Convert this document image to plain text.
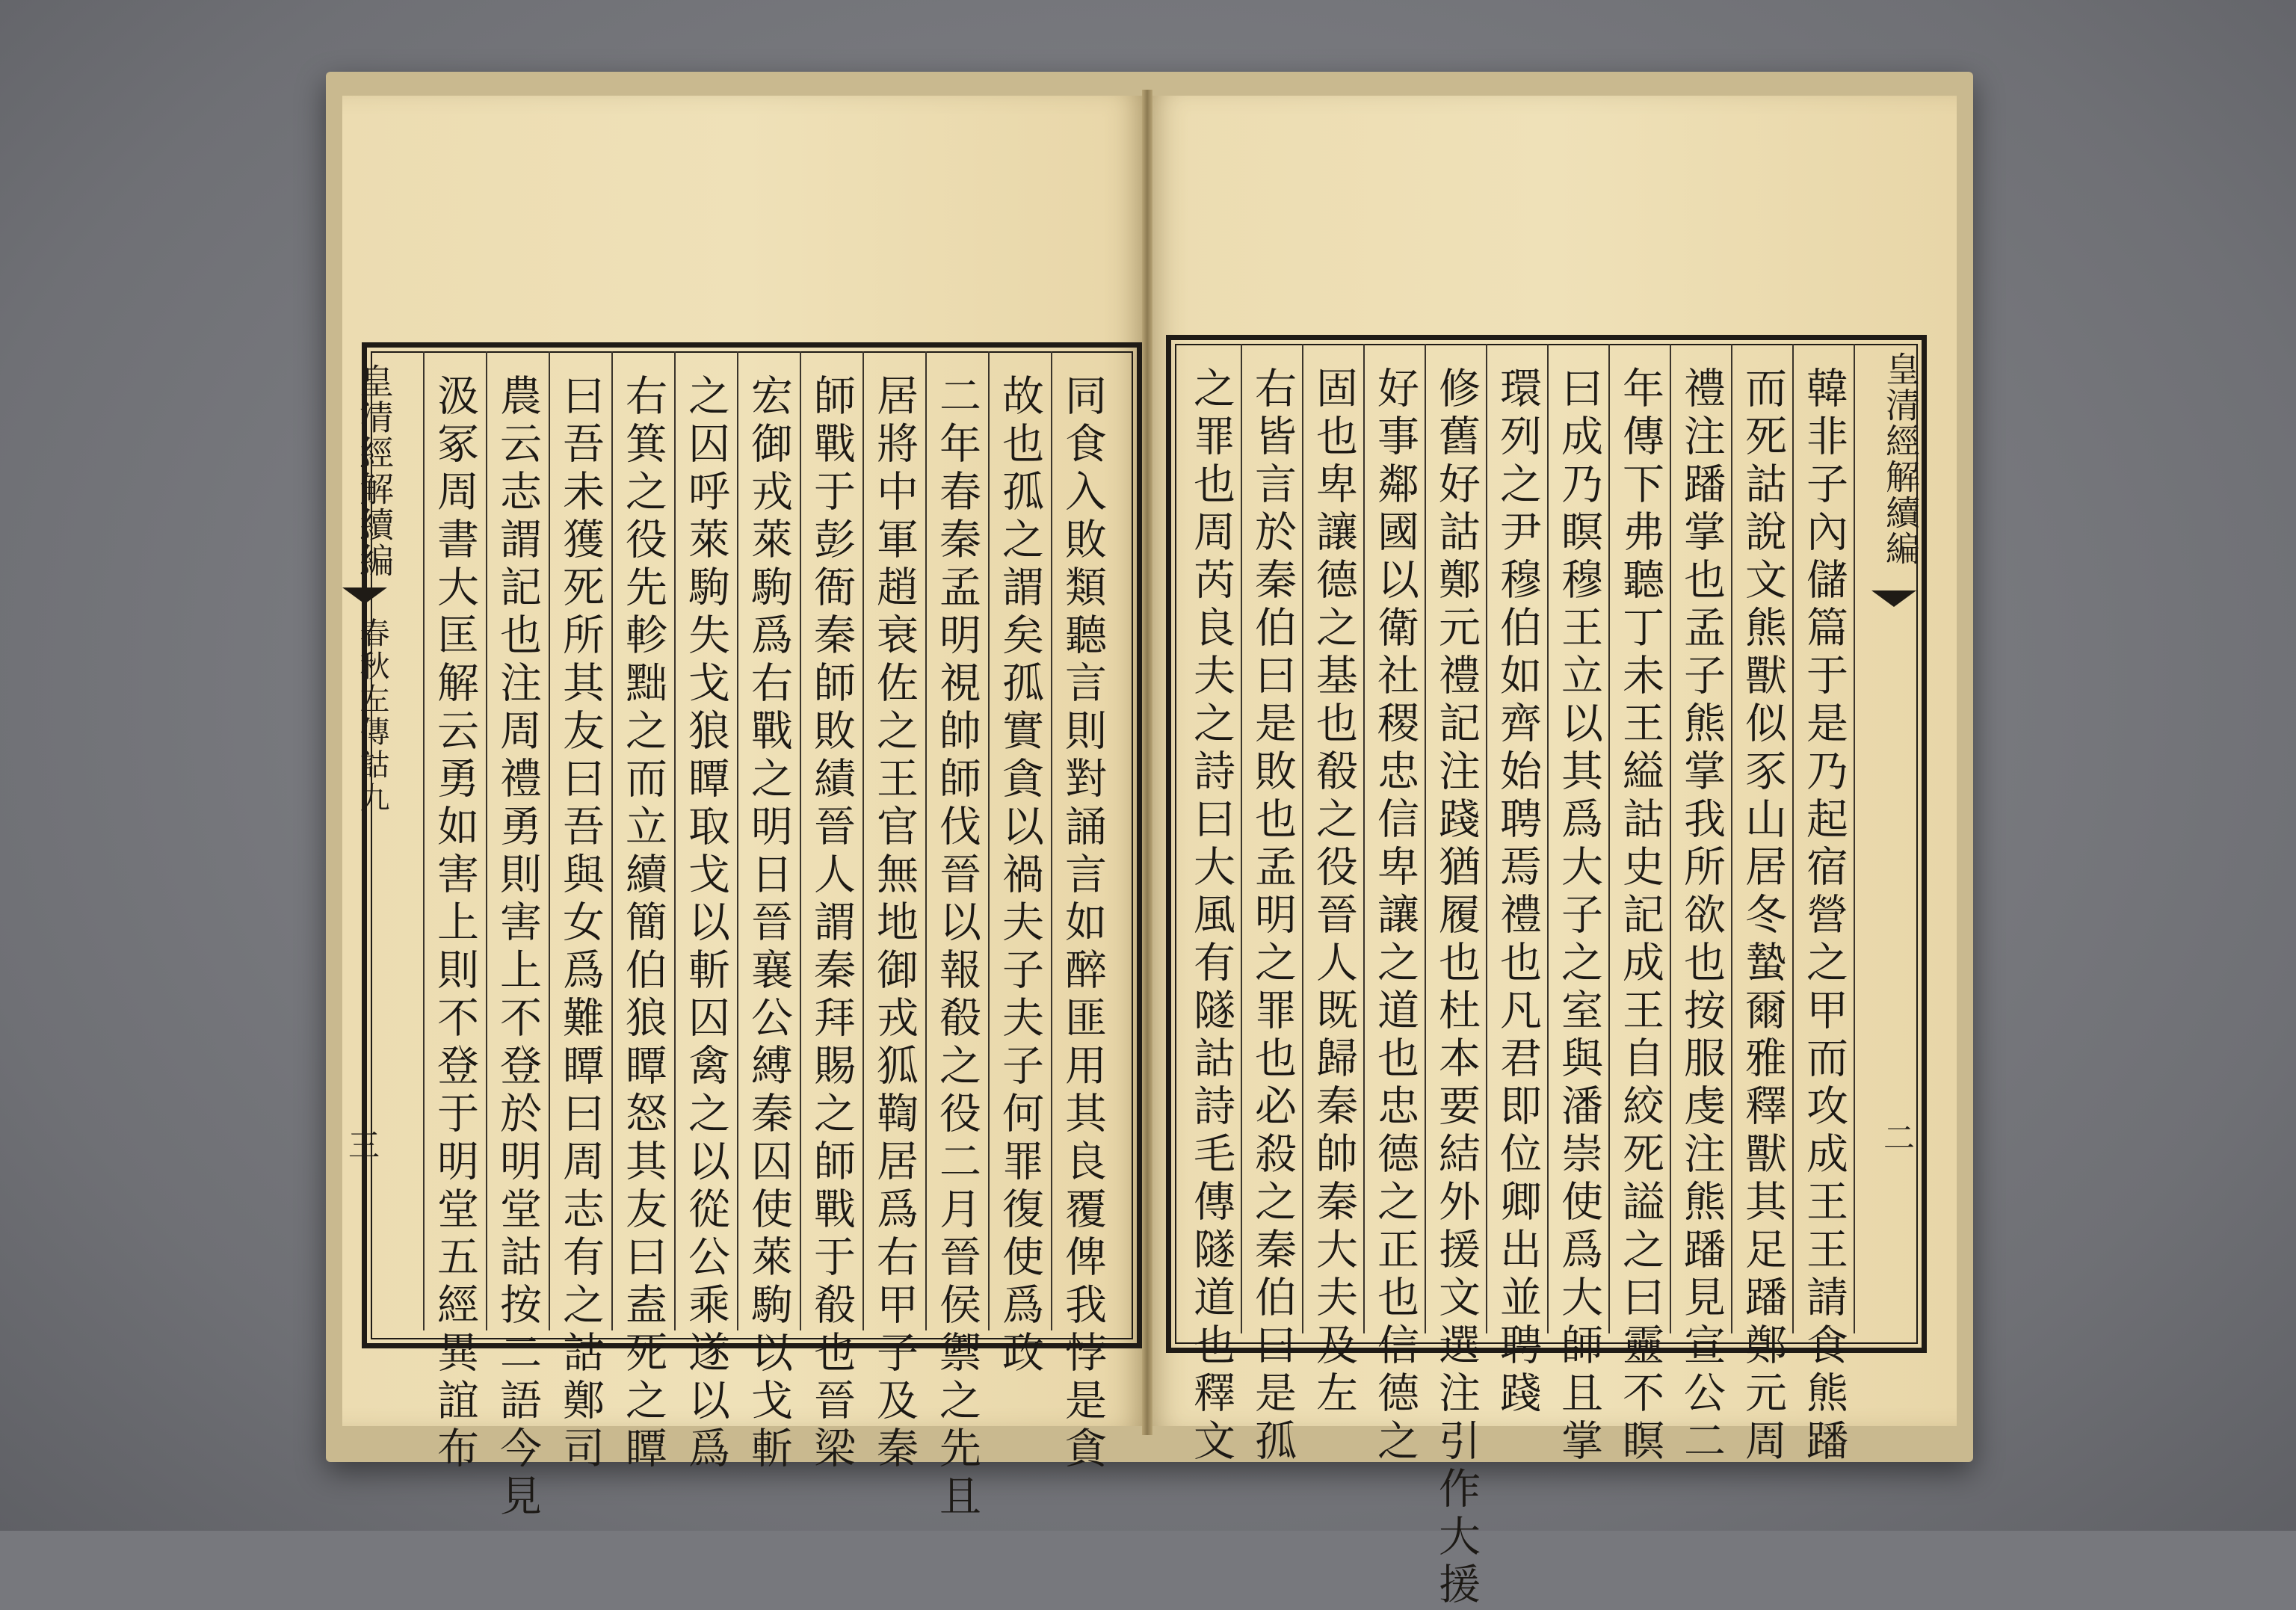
皇清經解續編
春秋左傳詁九
三	同食入敗類聽言則對誦言如醉匪用其良覆俾我悖是貪
故也孤之謂矣孤實貪以禍夫子夫子何罪復使爲政
二年春秦孟明視帥師伐晉以報殽之役二月晉侯禦之先且
居將中軍趙衰佐之王官無地御戎狐鞫居爲右甲子及秦
師戰于彭衙秦師敗績晉人謂秦拜賜之師戰于殽也晉梁
宏御戎萊駒爲右戰之明日晉襄公縛秦囚使萊駒以戈斬
之囚呼萊駒失戈狼瞫取戈以斬囚禽之以從公乘遂以爲
右箕之役先軫黜之而立續簡伯狼瞫怒其友曰盍死之瞫
曰吾未獲死所其友曰吾與女爲難瞫曰周志有之詁鄭司
農云志謂記也注周禮勇則害上不登於明堂詁按二語今見
汲冢周書大匡解云勇如害上則不登于明堂五經異誼布	皇清經解續編
二
韓非子內儲篇于是乃起宿營之甲而攻成王王請食熊蹯
而死詁說文熊獸似豕山居冬蟄爾雅釋獸其足蹯鄭元周
禮注蹯掌也孟子熊掌我所欲也按服虔注熊蹯見宣公二
年傳下弗聽丁未王縊詁史記成王自絞死謚之曰靈不瞑
曰成乃瞑穆王立以其爲大子之室與潘崇使爲大師且掌
環列之尹穆伯如齊始聘焉禮也凡君即位卿出並聘踐
修舊好詁鄭元禮記注踐猶履也杜本要結外援文選注引作大援
好事鄰國以衛社稷忠信卑讓之道也忠德之正也信德之
固也卑讓德之基也殽之役晉人既歸秦帥秦大夫及左
右皆言於秦伯曰是敗也孟明之罪也必殺之秦伯曰是孤
之罪也周芮良夫之詩曰大風有隧詁詩毛傳隧道也釋文
